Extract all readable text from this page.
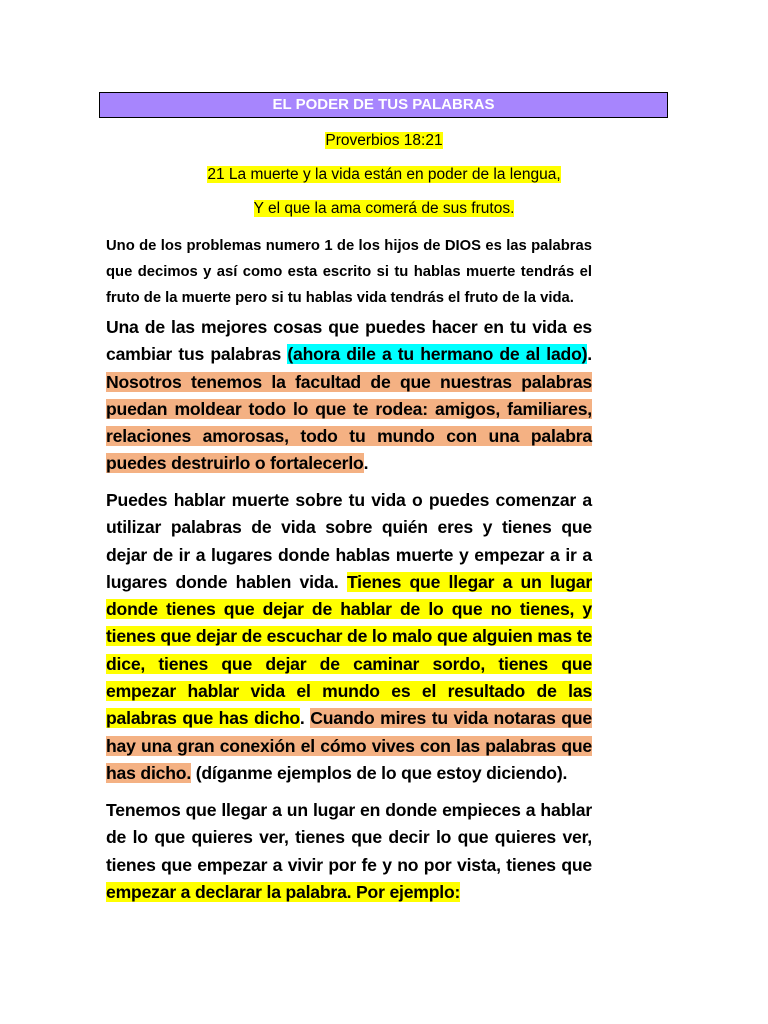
EL PODER DE TUS PALABRAS
Proverbios 18:21
21 La muerte y la vida están en poder de la lengua,
Y el que la ama comerá de sus frutos.

Uno de los problemas numero 1 de los hijos de DIOS es las palabras que decimos y así como esta escrito si tu hablas muerte tendrás el fruto de la muerte pero si tu hablas vida tendrás el fruto de la vida.

Una de las mejores cosas que puedes hacer en tu vida es cambiar tus palabras (ahora dile a tu hermano de al lado). Nosotros tenemos la facultad de que nuestras palabras puedan moldear todo lo que te rodea: amigos, familiares, relaciones amorosas, todo tu mundo con una palabra puedes destruirlo o fortalecerlo.

Puedes hablar muerte sobre tu vida o puedes comenzar a utilizar palabras de vida sobre quién eres y tienes que dejar de ir a lugares donde hablas muerte y empezar a ir a lugares donde hablen vida. Tienes que llegar a un lugar donde tienes que dejar de hablar de lo que no tienes, y tienes que dejar de escuchar de lo malo que alguien mas te dice, tienes que dejar de caminar sordo, tienes que empezar hablar vida el mundo es el resultado de las palabras que has dicho. Cuando mires tu vida notaras que hay una gran conexión el cómo vives con las palabras que has dicho. (díganme ejemplos de lo que estoy diciendo).

Tenemos que llegar a un lugar en donde empieces a hablar de lo que quieres ver, tienes que decir lo que quieres ver, tienes que empezar a vivir por fe y no por vista, tienes que empezar a declarar la palabra. Por ejemplo:
